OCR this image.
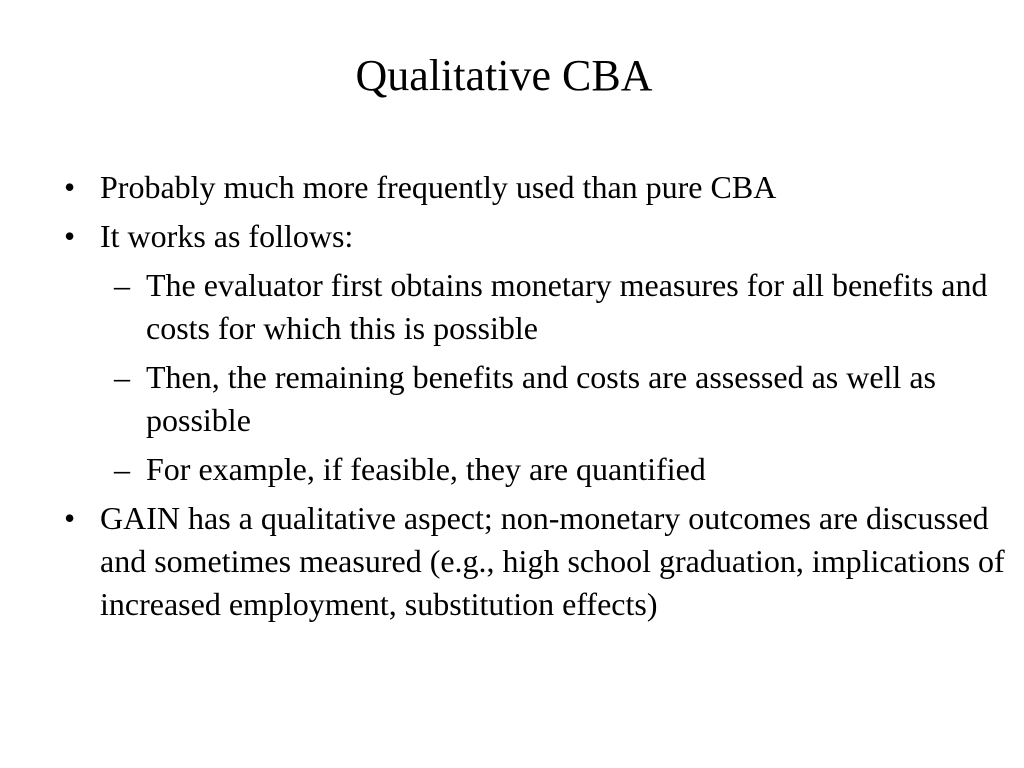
Qualitative CBA
• Probably much more frequently used than pure CBA
• It works as follows:
– The evaluator first obtains monetary measures for all benefits and costs for which this is possible
– Then, the remaining benefits and costs are assessed as well as possible
– For example, if feasible, they are quantified
• GAIN has a qualitative aspect; non-monetary outcomes are discussed and sometimes measured (e.g., high school graduation, implications of increased employment, substitution effects)
